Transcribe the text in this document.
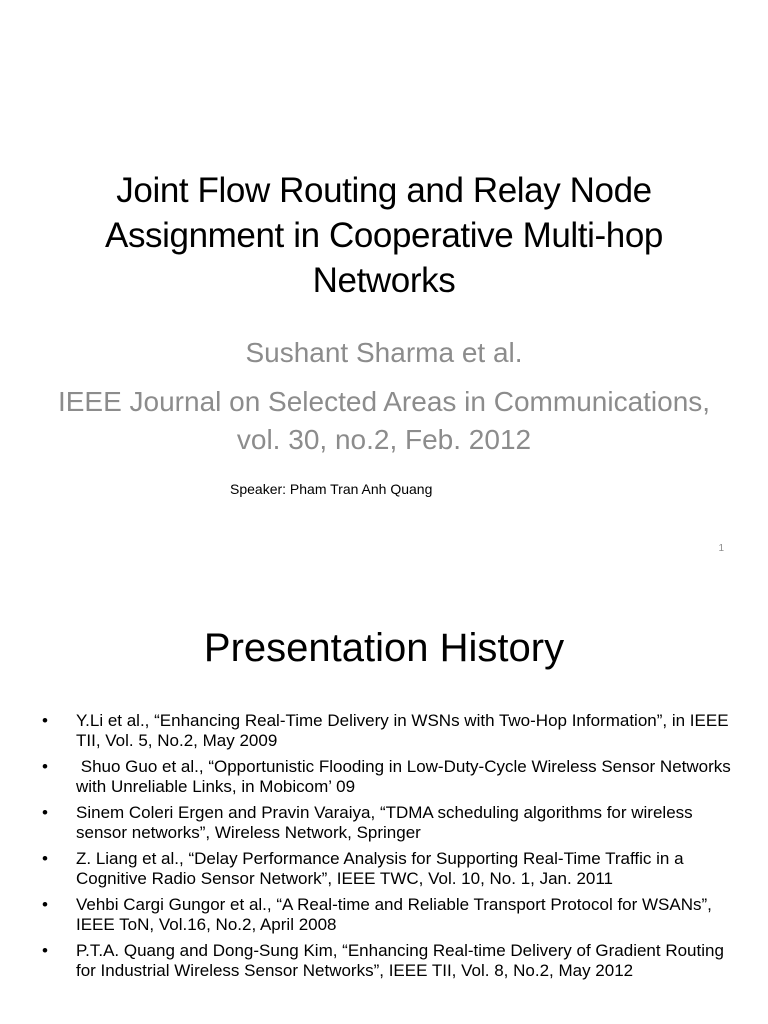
Joint Flow Routing and Relay Node Assignment in Cooperative Multi-hop Networks
Sushant Sharma et al.
IEEE Journal on Selected Areas in Communications, vol. 30, no.2, Feb. 2012
Speaker: Pham Tran Anh Quang
1
Presentation History
•	Y.Li et al., “Enhancing Real-Time Delivery in WSNs with Two-Hop Information”, in IEEE TII, Vol. 5, No.2, May 2009
•	Shuo Guo et al., “Opportunistic Flooding in Low-Duty-Cycle Wireless Sensor Networks with Unreliable Links, in Mobicom’ 09
•	Sinem Coleri Ergen and Pravin Varaiya, “TDMA scheduling algorithms for wireless sensor networks”, Wireless Network, Springer
•	Z. Liang et al., “Delay Performance Analysis for Supporting Real-Time Traffic in a Cognitive Radio Sensor Network”, IEEE TWC, Vol. 10, No. 1, Jan. 2011
•	Vehbi Cargi Gungor et al., “A Real-time and Reliable Transport Protocol for WSANs”, IEEE ToN, Vol.16, No.2, April 2008
•	P.T.A. Quang and Dong-Sung Kim, “Enhancing Real-time Delivery of Gradient Routing for Industrial Wireless Sensor Networks”, IEEE TII, Vol. 8, No.2, May 2012
